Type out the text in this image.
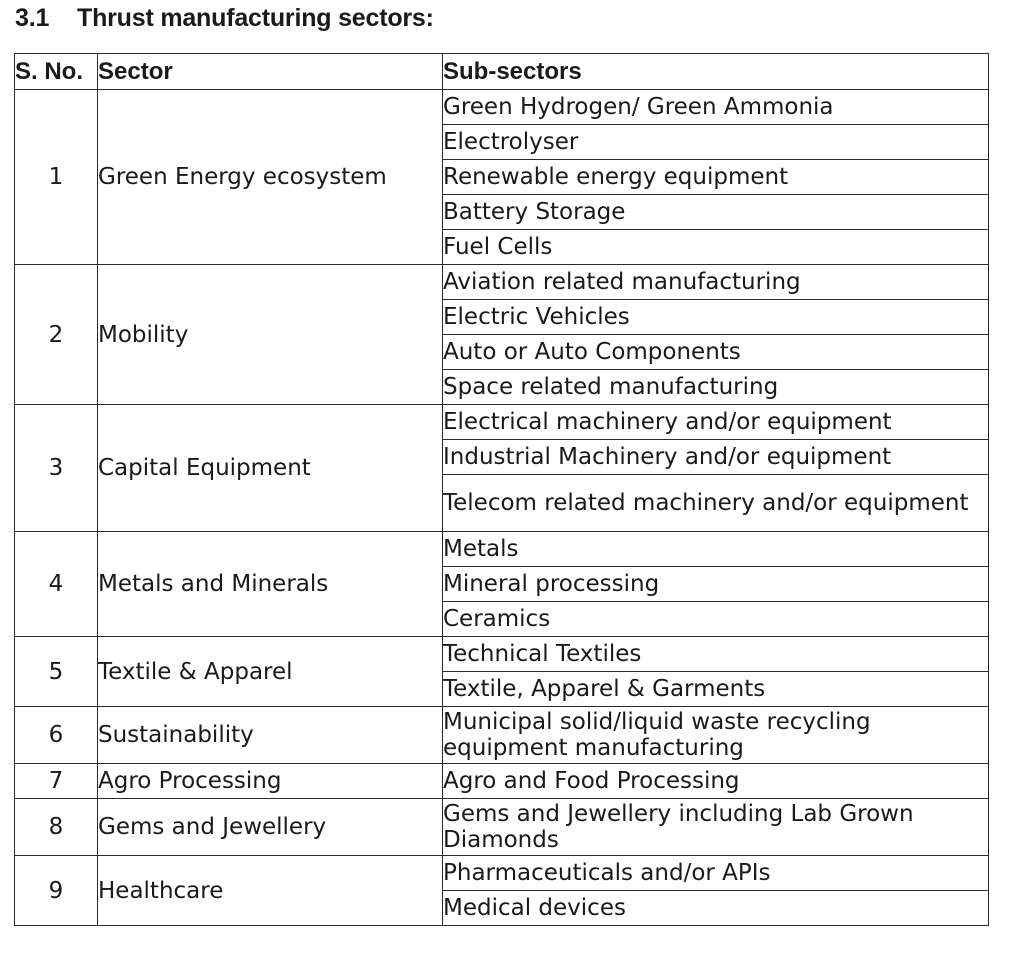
3.1 Thrust manufacturing sectors:
S. No.	Sector	Sub-sectors
1	Green Energy ecosystem	Green Hydrogen/ Green Ammonia
		Electrolyser
		Renewable energy equipment
		Battery Storage
		Fuel Cells
2	Mobility	Aviation related manufacturing
		Electric Vehicles
		Auto or Auto Components
		Space related manufacturing
3	Capital Equipment	Electrical machinery and/or equipment
		Industrial Machinery and/or equipment
		Telecom related machinery and/or equipment
4	Metals and Minerals	Metals
		Mineral processing
		Ceramics
5	Textile & Apparel	Technical Textiles
		Textile, Apparel & Garments
6	Sustainability	Municipal solid/liquid waste recycling equipment manufacturing
7	Agro Processing	Agro and Food Processing
8	Gems and Jewellery	Gems and Jewellery including Lab Grown Diamonds
9	Healthcare	Pharmaceuticals and/or APIs
		Medical devices
